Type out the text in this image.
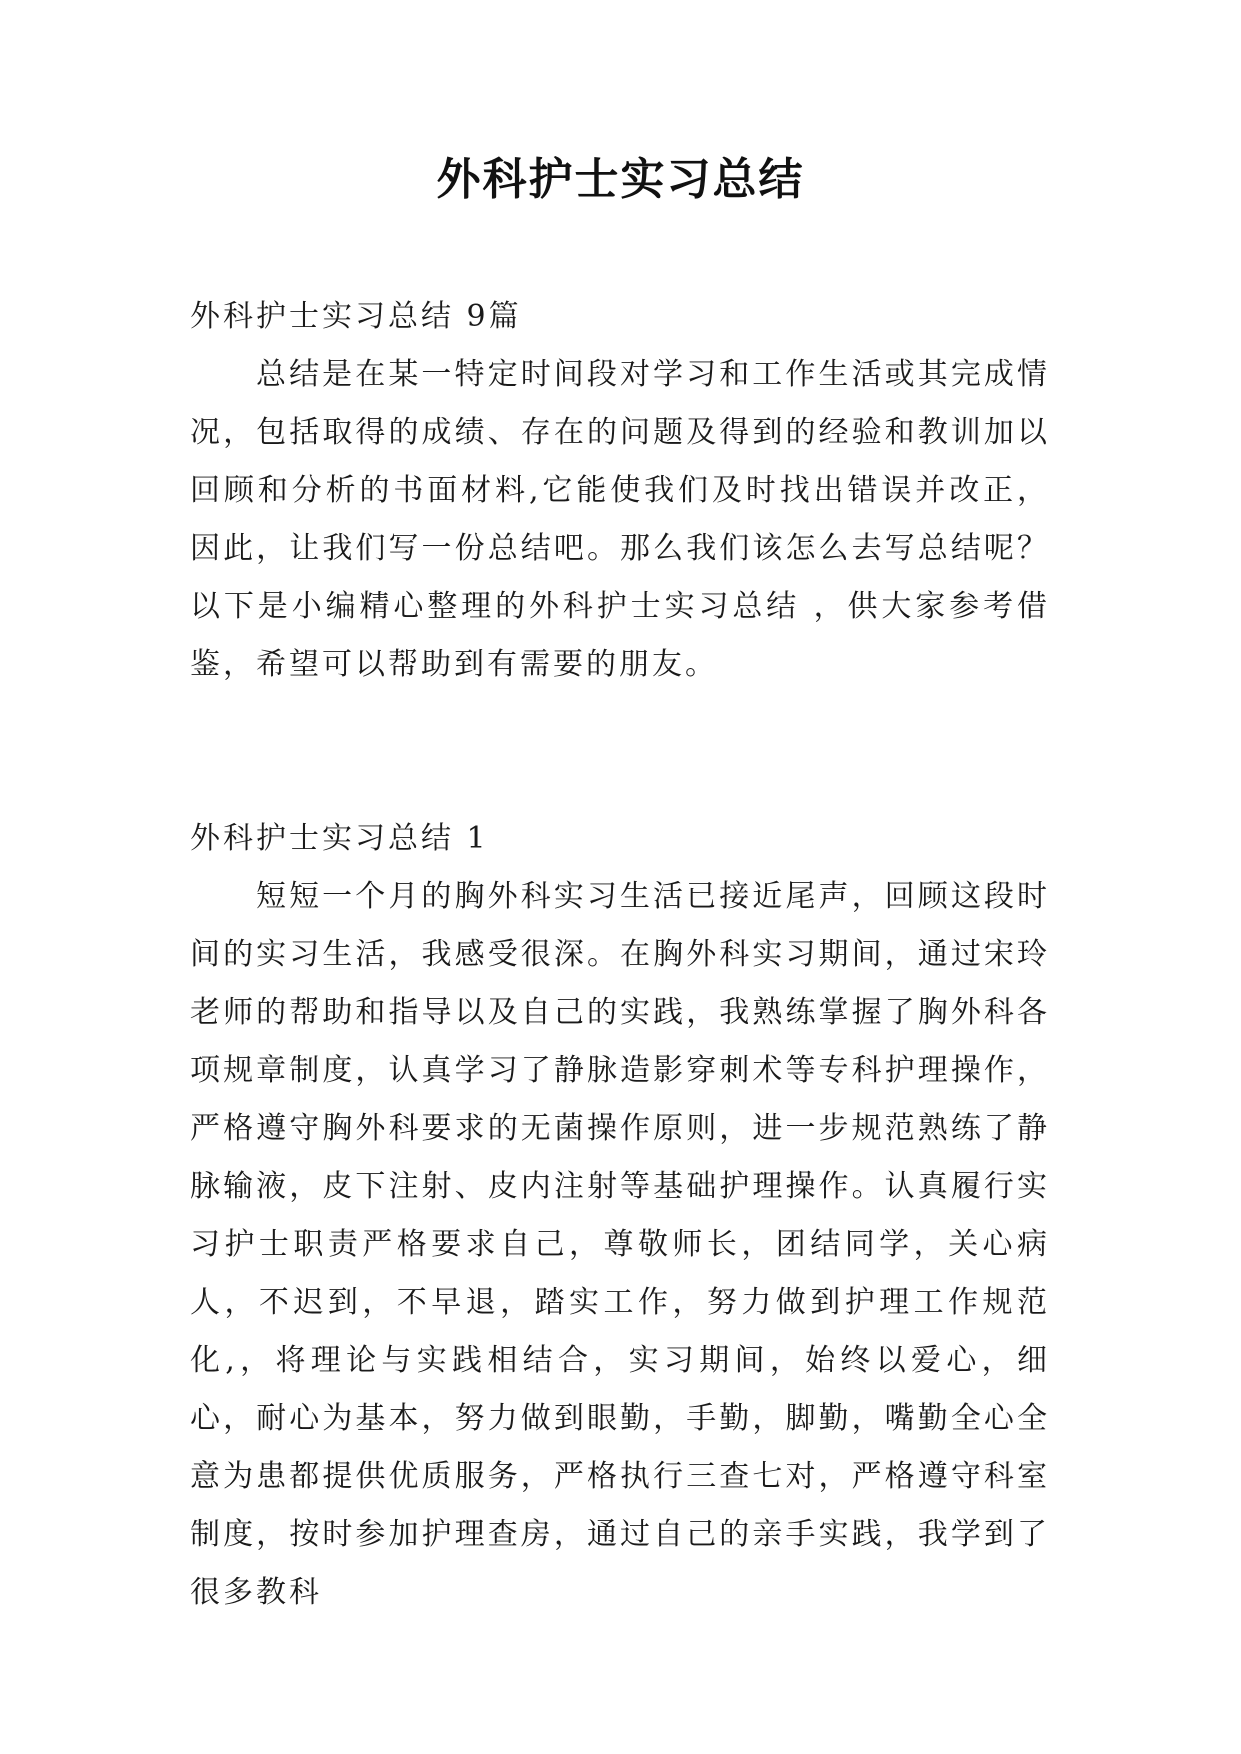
外科护士实习总结

外科护士实习总结 9篇

总结是在某一特定时间段对学习和工作生活或其完成情况，包括取得的成绩、存在的问题及得到的经验和教训加以回顾和分析的书面材料,它能使我们及时找出错误并改正，因此，让我们写一份总结吧。那么我们该怎么去写总结呢？以下是小编精心整理的外科护士实习总结 ，供大家参考借鉴，希望可以帮助到有需要的朋友。

外科护士实习总结 1

短短一个月的胸外科实习生活已接近尾声，回顾这段时间的实习生活，我感受很深。在胸外科实习期间，通过宋玲老师的帮助和指导以及自己的实践，我熟练掌握了胸外科各项规章制度，认真学习了静脉造影穿刺术等专科护理操作，严格遵守胸外科要求的无菌操作原则，进一步规范熟练了静脉输液，皮下注射、皮内注射等基础护理操作。认真履行实习护士职责严格要求自己，尊敬师长，团结同学，关心病人，不迟到，不早退，踏实工作，努力做到护理工作规范化,，将理论与实践相结合，实习期间，始终以爱心，细心，耐心为基本，努力做到眼勤，手勤，脚勤，嘴勤全心全意为患都提供优质服务，严格执行三查七对，严格遵守科室制度，按时参加护理查房，通过自己的亲手实践，我学到了很多教科
